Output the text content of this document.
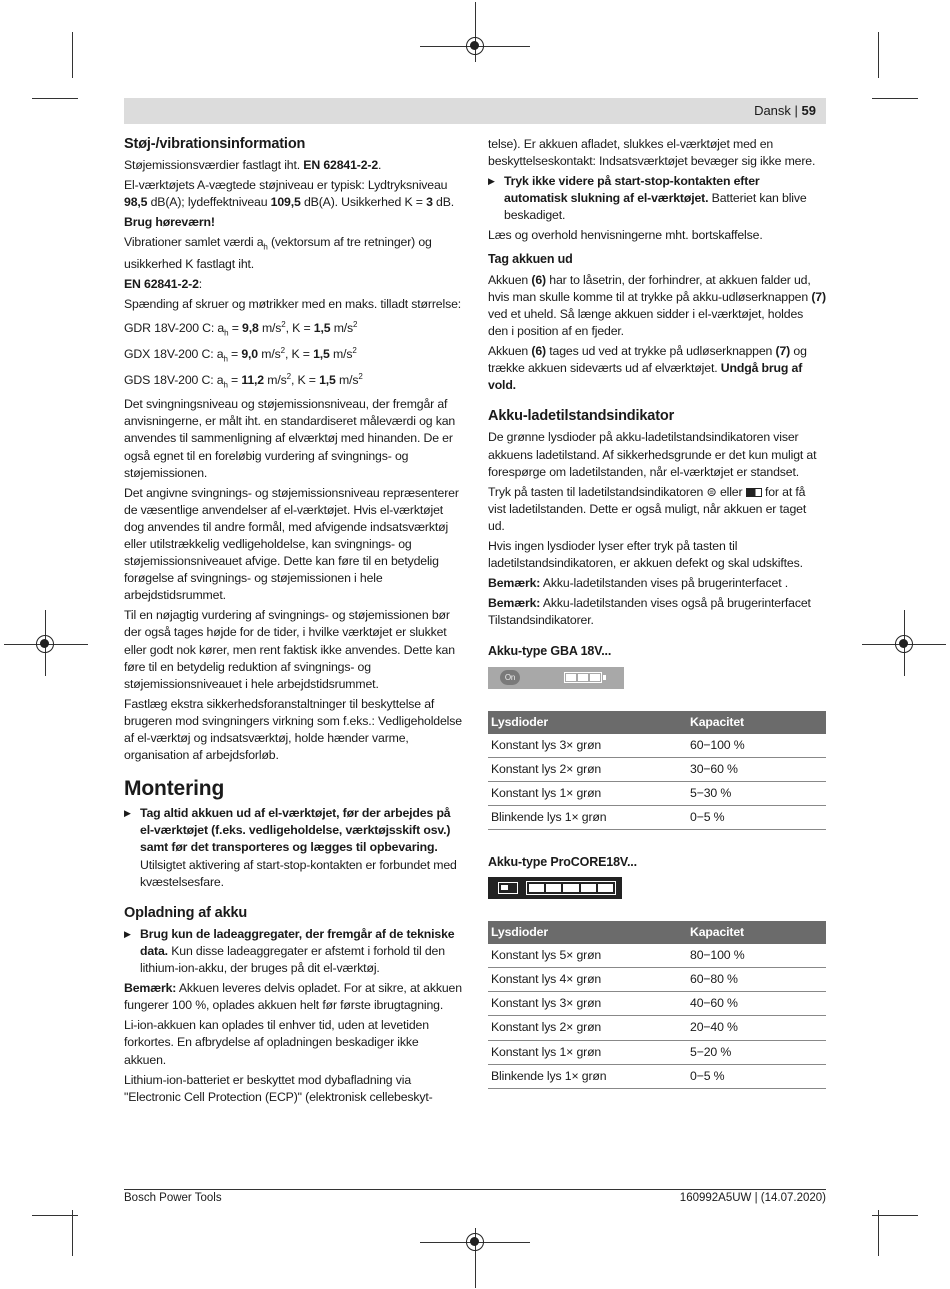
Dansk | 59
Støj-/vibrationsinformation

Støjemissionsværdier fastlagt iht. EN 62841-2-2.

El-værktøjets A-vægtede støjniveau er typisk: Lydtryksniveau 98,5 dB(A); lydeffektniveau 109,5 dB(A). Usikkerhed K = 3 dB.

Brug høreværn!

Vibrationer samlet værdi $a_h$ (vektorsum af tre retninger) og usikkerhed K fastlagt iht.

EN 62841-2-2:

Spænding af skruer og møtrikker med en maks. tilladt størrelse:

GDR 18V-200 C: $a_h = 9,8$ $m/s^2$, K = 1,5 $m/s^2$

GDX 18V-200 C: $a_h = 9,0$ $m/s^2$, K = 1,5 $m/s^2$

GDS 18V-200 C: $a_h = 11,2$ $m/s^2$, K = 1,5 $m/s^2$

Det svingningsniveau og støjemissionsniveau, der fremgår af anvisningerne, er målt iht. en standardiseret måleværdi og kan anvendes til sammenligning af elværktøj med hinanden. De er også egnet til en foreløbig vurdering af svingnings- og støjemissionen.

Det angivne svingnings- og støjemissionsniveau repræsenterer de væsentlige anvendelser af el-værktøjet. Hvis el-værktøjet dog anvendes til andre formål, med afvigende indsatsværktøj eller utilstrækkelig vedligeholdelse, kan svingnings- og støjemissionsniveauet afvige. Dette kan føre til en betydelig forøgelse af svingnings- og støjemissionen i hele arbejdstidsrummet.

Til en nøjagtig vurdering af svingnings- og støjemissionen bør der også tages højde for de tider, i hvilke værktøjet er slukket eller godt nok kører, men rent faktisk ikke anvendes. Dette kan føre til en betydelig reduktion af svingnings- og støjemissionsniveauet i hele arbejdstidsrummet.

Fastlæg ekstra sikkerhedsforanstaltninger til beskyttelse af brugeren mod svingningers virkning som f.eks.: Vedligeholdelse af el-værktøj og indsatsværktøj, holde hænder varme, organisation af arbejdsforløb.

Montering
▶ Tag altid akkuen ud af el-værktøjet, før der arbejdes på el-værktøjet (f.eks. vedligeholdelse, værktøjsskift osv.) samt før det transporteres og lægges til opbevaring. Utilsigtet aktivering af start-stop-kontakten er forbundet med kvæstelsesfare.
Opladning af akku
▶ Brug kun de ladeaggregater, der fremgår af de tekniske data. Kun disse ladeaggregater er afstemt i forhold til den lithium-ion-akku, der bruges på dit el-værktøj.

Bemærk: Akkuen leveres delvis opladet. For at sikre, at akkuen fungerer 100 %, oplades akkuen helt før første ibrugtagning.

Li-ion-akkuen kan oplades til enhver tid, uden at levetiden forkortes. En afbrydelse af opladningen beskadiger ikke akkuen.

Lithium-ion-batteriet er beskyttet mod dybafladning via "Electronic Cell Protection (ECP)" (elektronisk cellebeskyt-

telse). Er akkuen afladet, slukkes el-værktøjet med en beskyttelseskontakt: Indsatsværktøjet bevæger sig ikke mere.

▶ Tryk ikke videre på start-stop-kontakten efter automatisk slukning af el-værktøjet. Batteriet kan blive beskadiget.

Læs og overhold henvisningerne mht. bortskaffelse.

Tag akkuen ud

Akkuen (6) har to låsetrin, der forhindrer, at akkuen falder ud, hvis man skulle komme til at trykke på akku-udløserknappen (7) ved et uheld. Så længe akkuen sidder i el-værktøjet, holdes den i position af en fjeder.

Akkuen (6) tages ud ved at trykke på udløserknappen (7) og trække akkuen sideværts ud af elværktøjet. Undgå brug af vold.

Akku-ladetilstandsindikator

De grønne lysdioder på akku-ladetilstandsindikatoren viser akkuens ladetilstand. Af sikkerhedsgrunde er det kun muligt at forespørge om ladetilstanden, når el-værktøjet er standset.

Tryk på tasten til ladetilstandsindikatoren ⊜ eller  for at få vist ladetilstanden. Dette er også muligt, når akkuen er taget ud.

Hvis ingen lysdioder lyser efter tryk på tasten til ladetilstandsindikatoren, er akkuen defekt og skal udskiftes.

Bemærk: Akku-ladetilstanden vises på brugerinterfacet .

Bemærk: Akku-ladetilstanden vises også på brugerinterfacet Tilstandsindikatorer.

Akku-type GBA 18V...
On
Lysdioder	Kapacitet
Konstant lys 3× grøn	60−100 %
Konstant lys 2× grøn	30−60 %
Konstant lys 1× grøn	5−30 %
Blinkende lys 1× grøn	0−5 %
Akku-type ProCORE18V...
Lysdioder	Kapacitet
Konstant lys 5× grøn	80−100 %
Konstant lys 4× grøn	60−80 %
Konstant lys 3× grøn	40−60 %
Konstant lys 2× grøn	20−40 %
Konstant lys 1× grøn	5−20 %
Blinkende lys 1× grøn	0−5 %
Bosch Power Tools	160992A5UW | (14.07.2020)
